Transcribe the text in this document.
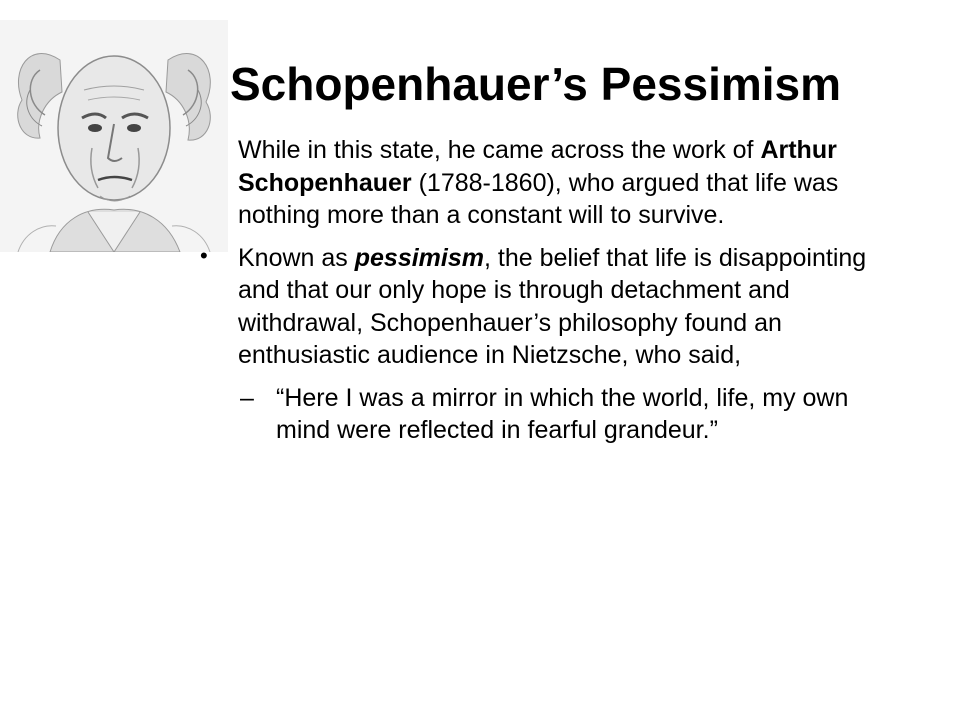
Schopenhauer’s Pessimism
While in this state, he came across the work of Arthur Schopenhauer (1788-1860), who argued that life was nothing more than a constant will to survive.
• Known as pessimism, the belief that life is disappointing and that our only hope is through detachment and withdrawal, Schopenhauer’s philosophy found an enthusiastic audience in Nietzsche, who said,
– “Here I was a mirror in which the world, life, my own mind were reflected in fearful grandeur.”
